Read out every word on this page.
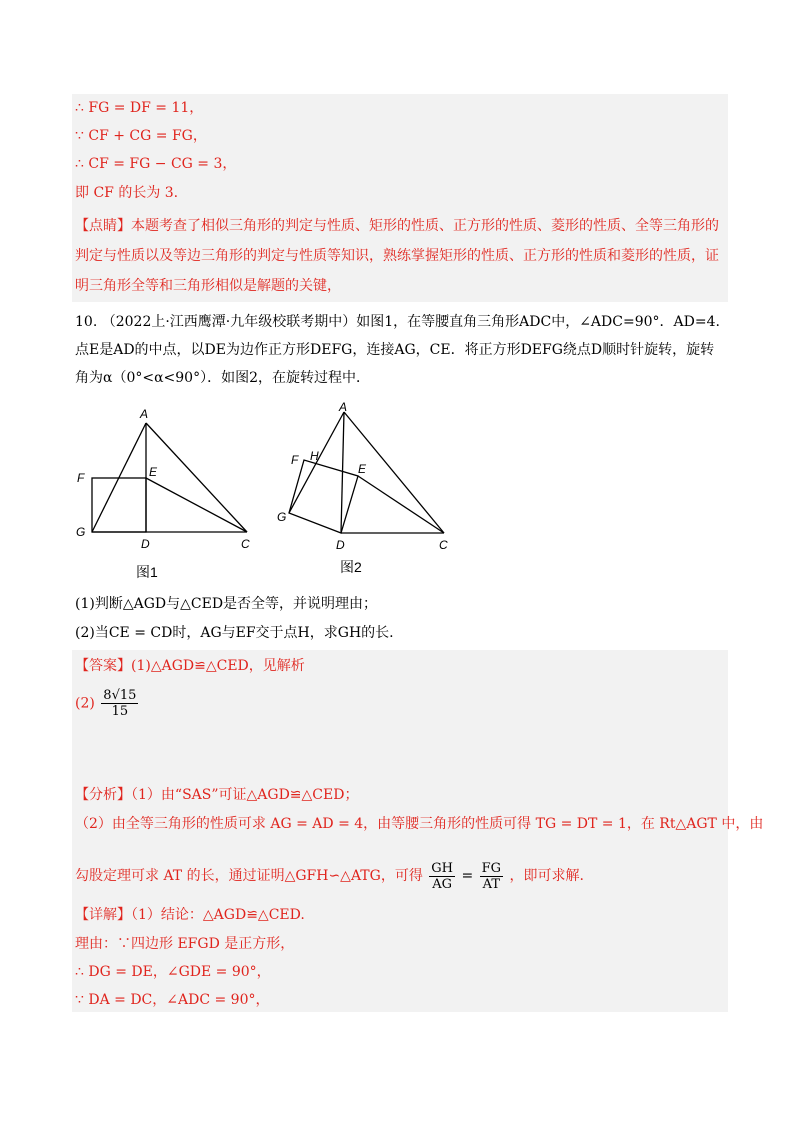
∴ FG = DF = 11，
∵ CF + CG = FG，
∴ CF = FG − CG = 3，
即 CF 的长为 3.
【点睛】本题考查了相似三角形的判定与性质、矩形的性质、正方形的性质、菱形的性质、全等三角形的判定与性质以及等边三角形的判定与性质等知识，熟练掌握矩形的性质、正方形的性质和菱形的性质，证明三角形全等和三角形相似是解题的关键，
10. （2022上·江西鹰潭·九年级校联考期中）如图1，在等腰直角三角形ADC中，∠ADC=90°．AD=4.点E是AD的中点，以DE为边作正方形DEFG，连接AG，CE．将正方形DEFG绕点D顺时针旋转，旋转角为α（0°<α<90°）．如图2，在旋转过程中．
A
F	E
G
D	C
图1
A
F H
E
G
D	C
图2
(1)判断△AGD与△CED是否全等，并说明理由；
(2)当CE = CD时，AG与EF交于点H，求GH的长.
【答案】(1)△AGD≌△CED，见解析
$(2) \frac{8√15}{15}$
【分析】（1）由“SAS”可证△AGD≌△CED；
（2）由全等三角形的性质可求 AG = AD = 4，由等腰三角形的性质可得 TG = DT = 1，在 Rt△AGT 中，由
勾股定理可求 AT 的长，通过证明△GFH∽△ATG，可得 $\frac{GH}{AG} = \frac{FG}{AT}$ ，即可求解.
【详解】（1）结论：△AGD≌△CED.
理由：∵四边形 EFGD 是正方形，
∴ DG = DE，∠GDE = 90°，
∵ DA = DC，∠ADC = 90°，
